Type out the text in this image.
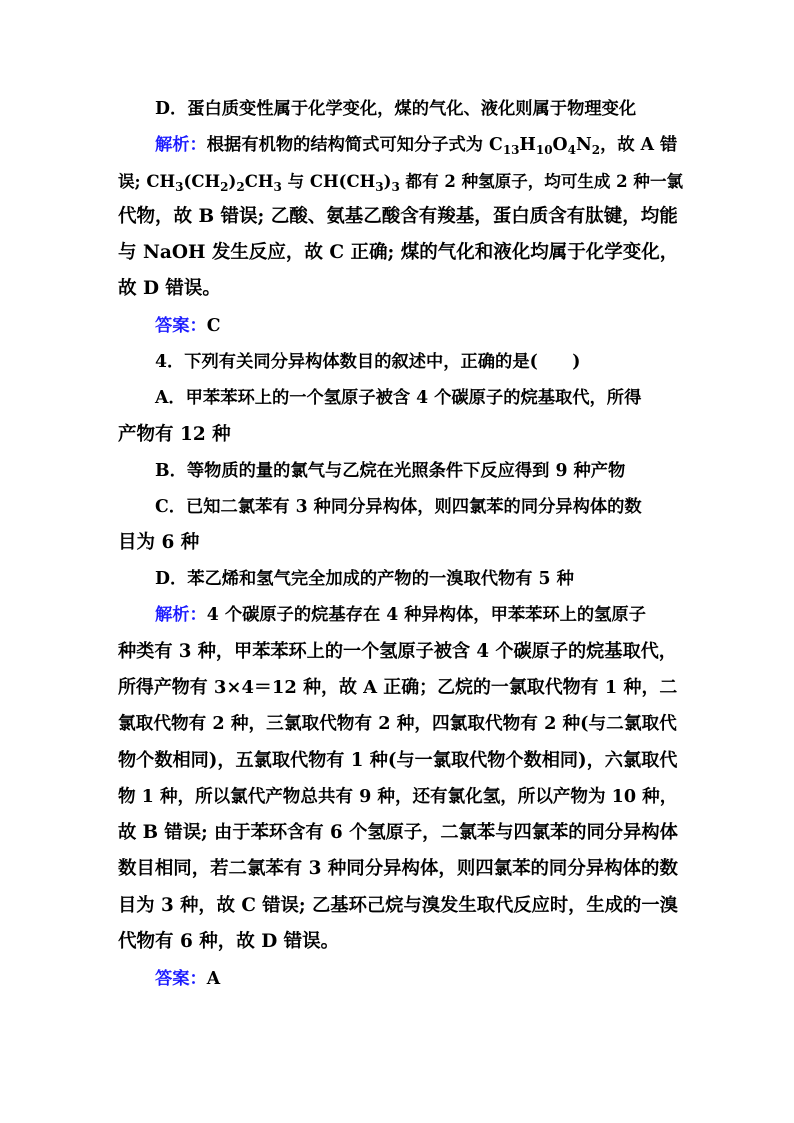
D．蛋白质变性属于化学变化，煤的气化、液化则属于物理变化
解析：根据有机物的结构简式可知分子式为 $C_{13}H_{10}O_4N_2$，故 A 错
误; $CH_3(CH_2)_2CH_3$ 与 $CH(CH_3)_3$ 都有 2 种氢原子，均可生成 2 种一氯
代物，故 B 错误; 乙酸、氨基乙酸含有羧基，蛋白质含有肽键，均能
与 NaOH 发生反应，故 C 正确; 煤的气化和液化均属于化学变化，
故 D 错误。
答案：C
4．下列有关同分异构体数目的叙述中，正确的是(　　)
A．甲苯苯环上的一个氢原子被含 4 个碳原子的烷基取代，所得
产物有 12 种
B．等物质的量的氯气与乙烷在光照条件下反应得到 9 种产物
C．已知二氯苯有 3 种同分异构体，则四氯苯的同分异构体的数
目为 6 种
D．苯乙烯和氢气完全加成的产物的一溴取代物有 5 种
解析：4 个碳原子的烷基存在 4 种异构体，甲苯苯环上的氢原子
种类有 3 种，甲苯苯环上的一个氢原子被含 4 个碳原子的烷基取代，
所得产物有 3×4＝12 种，故 A 正确；乙烷的一氯取代物有 1 种，二
氯取代物有 2 种，三氯取代物有 2 种，四氯取代物有 2 种(与二氯取代
物个数相同)，五氯取代物有 1 种(与一氯取代物个数相同)，六氯取代
物 1 种，所以氯代产物总共有 9 种，还有氯化氢，所以产物为 10 种，
故 B 错误; 由于苯环含有 6 个氢原子，二氯苯与四氯苯的同分异构体
数目相同，若二氯苯有 3 种同分异构体，则四氯苯的同分异构体的数
目为 3 种，故 C 错误; 乙基环己烷与溴发生取代反应时，生成的一溴
代物有 6 种，故 D 错误。
答案：A
